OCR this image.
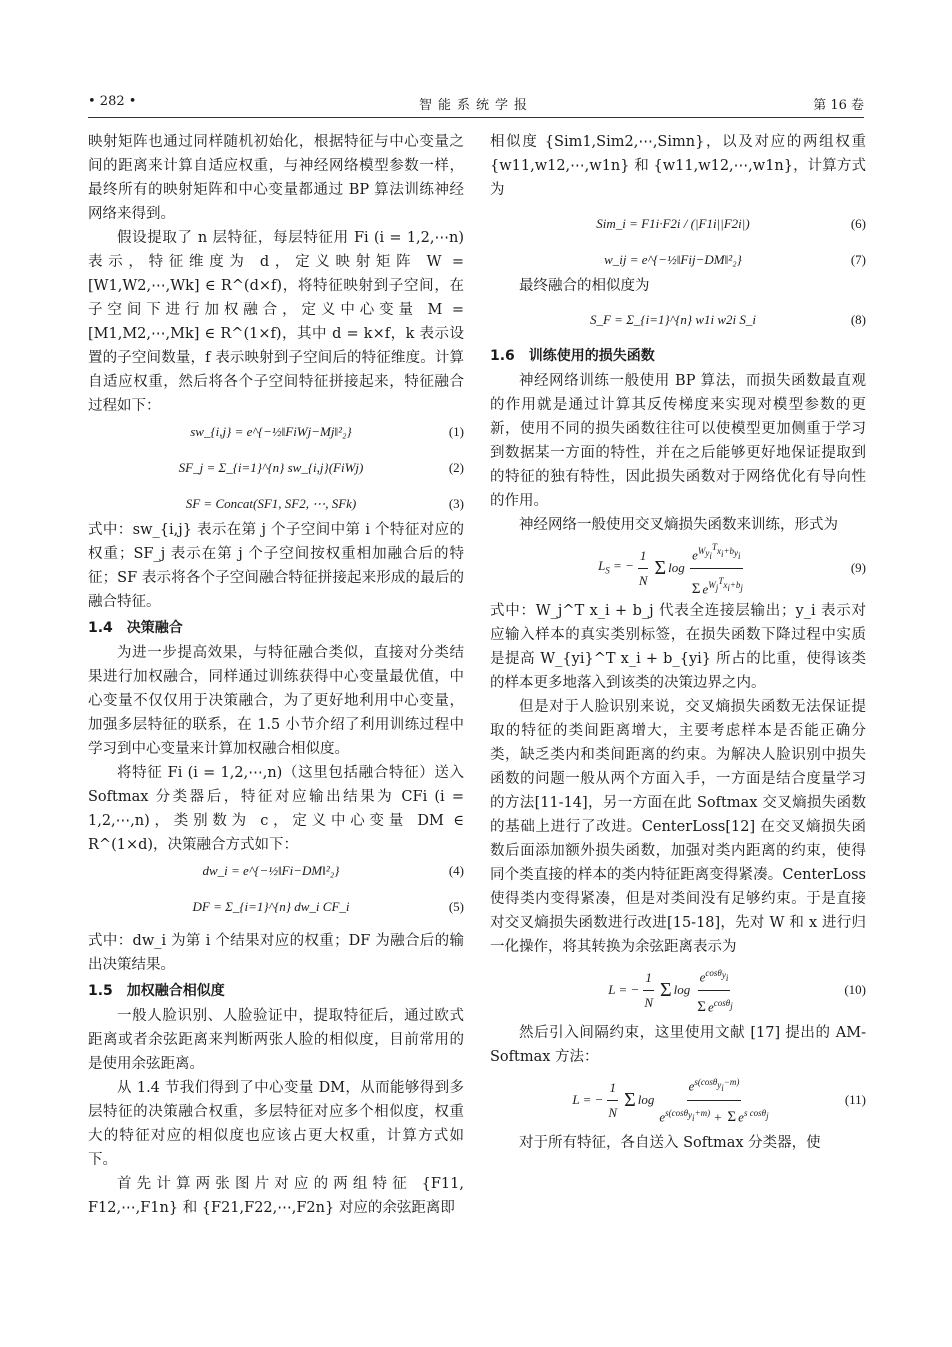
• 282 •	智能系统学报	第 16 卷

映射矩阵也通过同样随机初始化，根据特征与中心变量之间的距离来计算自适应权重，与神经网络模型参数一样，最终所有的映射矩阵和中心变量都通过 BP 算法训练神经网络来得到。

假设提取了 n 层特征，每层特征用 Fi (i = 1,2,⋯n) 表示，特征维度为 d，定义映射矩阵 W = [W1,W2,⋯,Wk] ∈ R^(d×f)，将特征映射到子空间，在子空间下进行加权融合，定义中心变量 M = [M1,M2,⋯,Mk] ∈ R^(1×f)，其中 d = k×f，k 表示设置的子空间数量，f 表示映射到子空间后的特征维度。计算自适应权重，然后将各个子空间特征拼接起来，特征融合过程如下：

sw_{i,j} = e^{−½‖FiWj−Mj‖²₂}	(1)
SF_j = Σ_{i=1}^{n} sw_{i,j}(FiWj)	(2)
SF = Concat(SF1, SF2, ⋯, SFk)	(3)

式中：sw_{i,j} 表示在第 j 个子空间中第 i 个特征对应的权重；SF_j 表示在第 j 个子空间按权重相加融合后的特征；SF 表示将各个子空间融合特征拼接起来形成的最后的融合特征。

1.4　决策融合

为进一步提高效果，与特征融合类似，直接对分类结果进行加权融合，同样通过训练获得中心变量最优值，中心变量不仅仅用于决策融合，为了更好地利用中心变量，加强多层特征的联系，在 1.5 小节介绍了利用训练过程中学习到中心变量来计算加权融合相似度。

将特征 Fi (i = 1,2,⋯,n)（这里包括融合特征）送入 Softmax 分类器后，特征对应输出结果为 CFi (i = 1,2,⋯,n)，类别数为 c，定义中心变量 DM ∈ R^(1×d)，决策融合方式如下：

dw_i = e^{−½‖Fi−DM‖²₂}	(4)
DF = Σ_{i=1}^{n} dw_i CF_i	(5)

式中：dw_i 为第 i 个结果对应的权重；DF 为融合后的输出决策结果。

1.5　加权融合相似度

一般人脸识别、人脸验证中，提取特征后，通过欧式距离或者余弦距离来判断两张人脸的相似度，目前常用的是使用余弦距离。

从 1.4 节我们得到了中心变量 DM，从而能够得到多层特征的决策融合权重，多层特征对应多个相似度，权重大的特征对应的相似度也应该占更大权重，计算方式如下。

首先计算两张图片对应的两组特征 {F11, F12,⋯,F1n} 和 {F21,F22,⋯,F2n} 对应的余弦距离即

相似度 {Sim1,Sim2,⋯,Simn}，以及对应的两组权重 {w11,w12,⋯,w1n} 和 {w11,w12,⋯,w1n}，计算方式为

Sim_i = F1i·F2i / (|F1i||F2i|)	(6)
w_ij = e^{−½‖Fij−DM‖²₂}	(7)

最终融合的相似度为

S_F = Σ_{i=1}^{n} w1i w2i S_i	(8)
1.6　训练使用的损失函数

神经网络训练一般使用 BP 算法，而损失函数最直观的作用就是通过计算其反传梯度来实现对模型参数的更新，使用不同的损失函数往往可以使模型更加侧重于学习到数据某一方面的特性，并在之后能够更好地保证提取到的特征的独有特性，因此损失函数对于网络优化有导向性的作用。

神经网络一般使用交叉熵损失函数来训练，形式为

$L_S$ = − $\frac{1}{N}$ Σ $\log \frac{e^{W_{y_i}^Tx_i+b_{y_i}}}{\Sigma e^{W_j^Tx_i+b_j}}$	(9)

式中：W_j^T x_i + b_j 代表全连接层输出；y_i 表示对应输入样本的真实类别标签，在损失函数下降过程中实质是提高 W_{yi}^T x_i + b_{yi} 所占的比重，使得该类的样本更多地落入到该类的决策边界之内。

但是对于人脸识别来说，交叉熵损失函数无法保证提取的特征的类间距离增大，主要考虑样本是否能正确分类，缺乏类内和类间距离的约束。为解决人脸识别中损失函数的问题一般从两个方面入手，一方面是结合度量学习的方法[11-14]，另一方面在此 Softmax 交叉熵损失函数的基础上进行了改进。CenterLoss[12] 在交叉熵损失函数后面添加额外损失函数，加强对类内距离的约束，使得同个类直接的样本的类内特征距离变得紧凑。CenterLoss 使得类内变得紧凑，但是对类间没有足够约束。于是直接对交叉熵损失函数进行改进[15-18]，先对 W 和 x 进行归一化操作，将其转换为余弦距离表示为

L = − $\frac{1}{N}$ Σ $\log \frac{e^{cos\theta_{y_i}}}{\Sigma e^{cos\theta_j}}$	(10)

然后引入间隔约束，这里使用文献 [17] 提出的 AM-Softmax 方法：

L = − $\frac{1}{N}$ Σ $\log \frac{e^{s(cos\theta_{y_i}-m)}}{e^{s(cos\theta_{y_i}+m)} + \Sigma e^{s cos\theta_j}}$	(11)

对于所有特征，各自送入 Softmax 分类器，使
